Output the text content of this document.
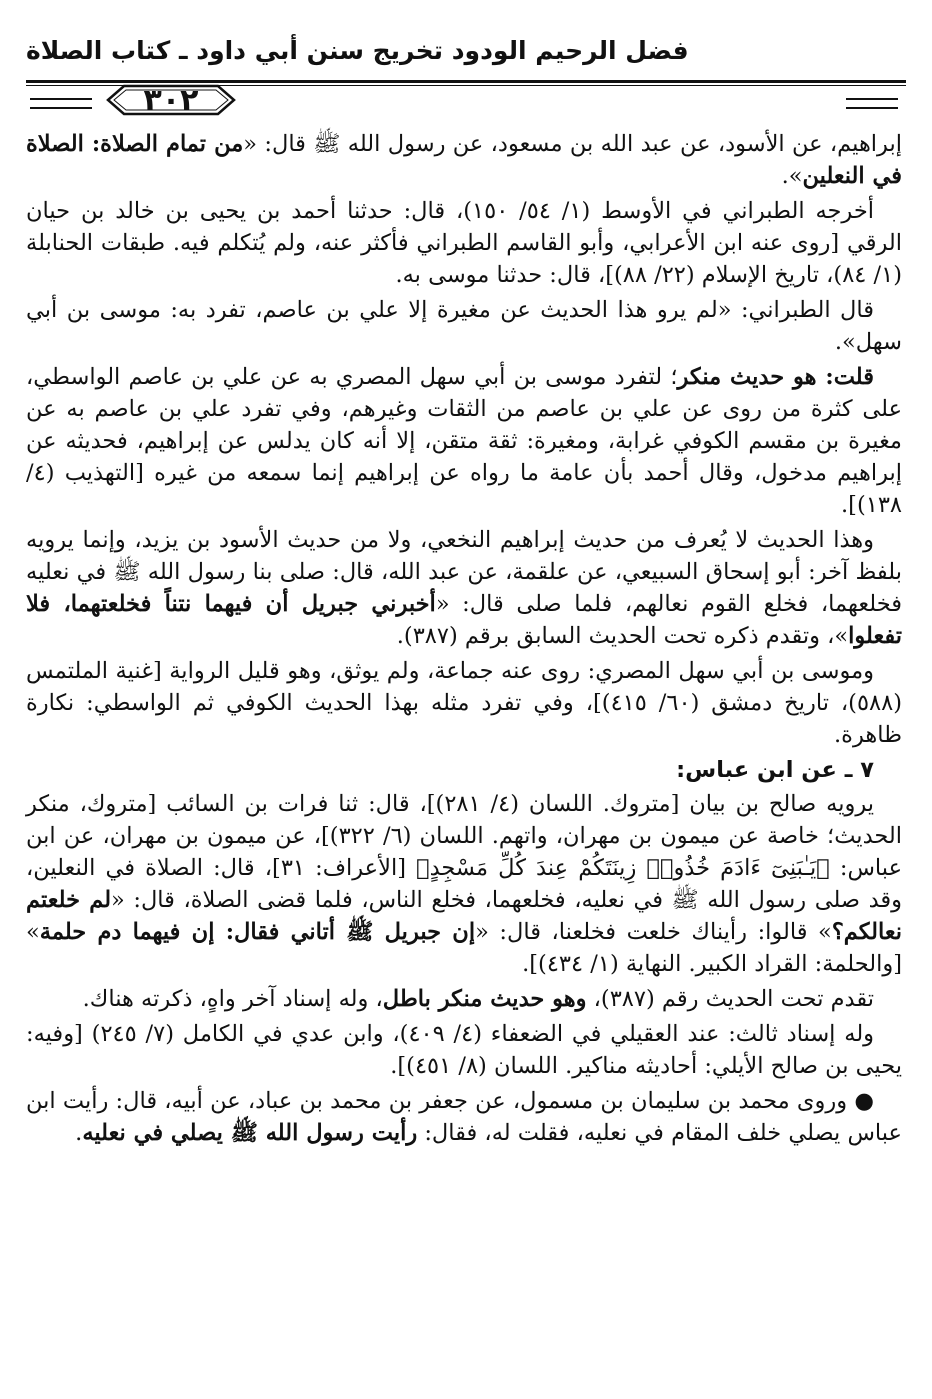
فضل الرحيم الودود تخريج سنن أبي داود ـ كتاب الصلاة
٣٠٢

إبراهيم، عن الأسود، عن عبد الله بن مسعود، عن رسول الله ﷺ قال: «من تمام الصلاة: الصلاة في النعلين».

أخرجه الطبراني في الأوسط (١/ ٥٤/ ١٥٠)، قال: حدثنا أحمد بن يحيى بن خالد بن حيان الرقي [روى عنه ابن الأعرابي، وأبو القاسم الطبراني فأكثر عنه، ولم يُتكلم فيه. طبقات الحنابلة (١/ ٨٤)، تاريخ الإسلام (٢٢/ ٨٨)]، قال: حدثنا موسى به.

قال الطبراني: «لم يرو هذا الحديث عن مغيرة إلا علي بن عاصم، تفرد به: موسى بن أبي سهل».

قلت: هو حديث منكر؛ لتفرد موسى بن أبي سهل المصري به عن علي بن عاصم الواسطي، على كثرة من روى عن علي بن عاصم من الثقات وغيرهم، وفي تفرد علي بن عاصم به عن مغيرة بن مقسم الكوفي غرابة، ومغيرة: ثقة متقن، إلا أنه كان يدلس عن إبراهيم، فحديثه عن إبراهيم مدخول، وقال أحمد بأن عامة ما رواه عن إبراهيم إنما سمعه من غيره [التهذيب (٤/ ١٣٨)].

وهذا الحديث لا يُعرف من حديث إبراهيم النخعي، ولا من حديث الأسود بن يزيد، وإنما يرويه بلفظ آخر: أبو إسحاق السبيعي، عن علقمة، عن عبد الله، قال: صلى بنا رسول الله ﷺ في نعليه فخلعهما، فخلع القوم نعالهم، فلما صلى قال: «أخبرني جبريل أن فيهما نتناً فخلعتهما، فلا تفعلوا»، وتقدم ذكره تحت الحديث السابق برقم (٣٨٧).

وموسى بن أبي سهل المصري: روى عنه جماعة، ولم يوثق، وهو قليل الرواية [غنية الملتمس (٥٨٨)، تاريخ دمشق (٦٠/ ٤١٥)]، وفي تفرد مثله بهذا الحديث الكوفي ثم الواسطي: نكارة ظاهرة.

٧ ـ عن ابن عباس:

يرويه صالح بن بيان [متروك. اللسان (٤/ ٢٨١)]، قال: ثنا فرات بن السائب [متروك، منكر الحديث؛ خاصة عن ميمون بن مهران، واتهم. اللسان (٦/ ٣٢٢)]، عن ميمون بن مهران، عن ابن عباس: ﴿يَـٰبَنِىٓ ءَادَمَ خُذُوا۟ زِينَتَكُمْ عِندَ كُلِّ مَسْجِدٍ﴾ [الأعراف: ٣١]، قال: الصلاة في النعلين، وقد صلى رسول الله ﷺ في نعليه، فخلعهما، فخلع الناس، فلما قضى الصلاة، قال: «لم خلعتم نعالكم؟» قالوا: رأيناك خلعت فخلعنا، قال: «إن جبريل ﷺ أتاني فقال: إن فيهما دم حلمة» [والحلمة: القراد الكبير. النهاية (١/ ٤٣٤)].

تقدم تحت الحديث رقم (٣٨٧)، وهو حديث منكر باطل، وله إسناد آخر واهٍ، ذكرته هناك.

وله إسناد ثالث: عند العقيلي في الضعفاء (٤/ ٤٠٩)، وابن عدي في الكامل (٧/ ٢٤٥) [وفيه: يحيى بن صالح الأيلي: أحاديثه مناكير. اللسان (٨/ ٤٥١)].

● وروى محمد بن سليمان بن مسمول، عن جعفر بن محمد بن عباد، عن أبيه، قال: رأيت ابن عباس يصلي خلف المقام في نعليه، فقلت له، فقال: رأيت رسول الله ﷺ يصلي في نعليه.
